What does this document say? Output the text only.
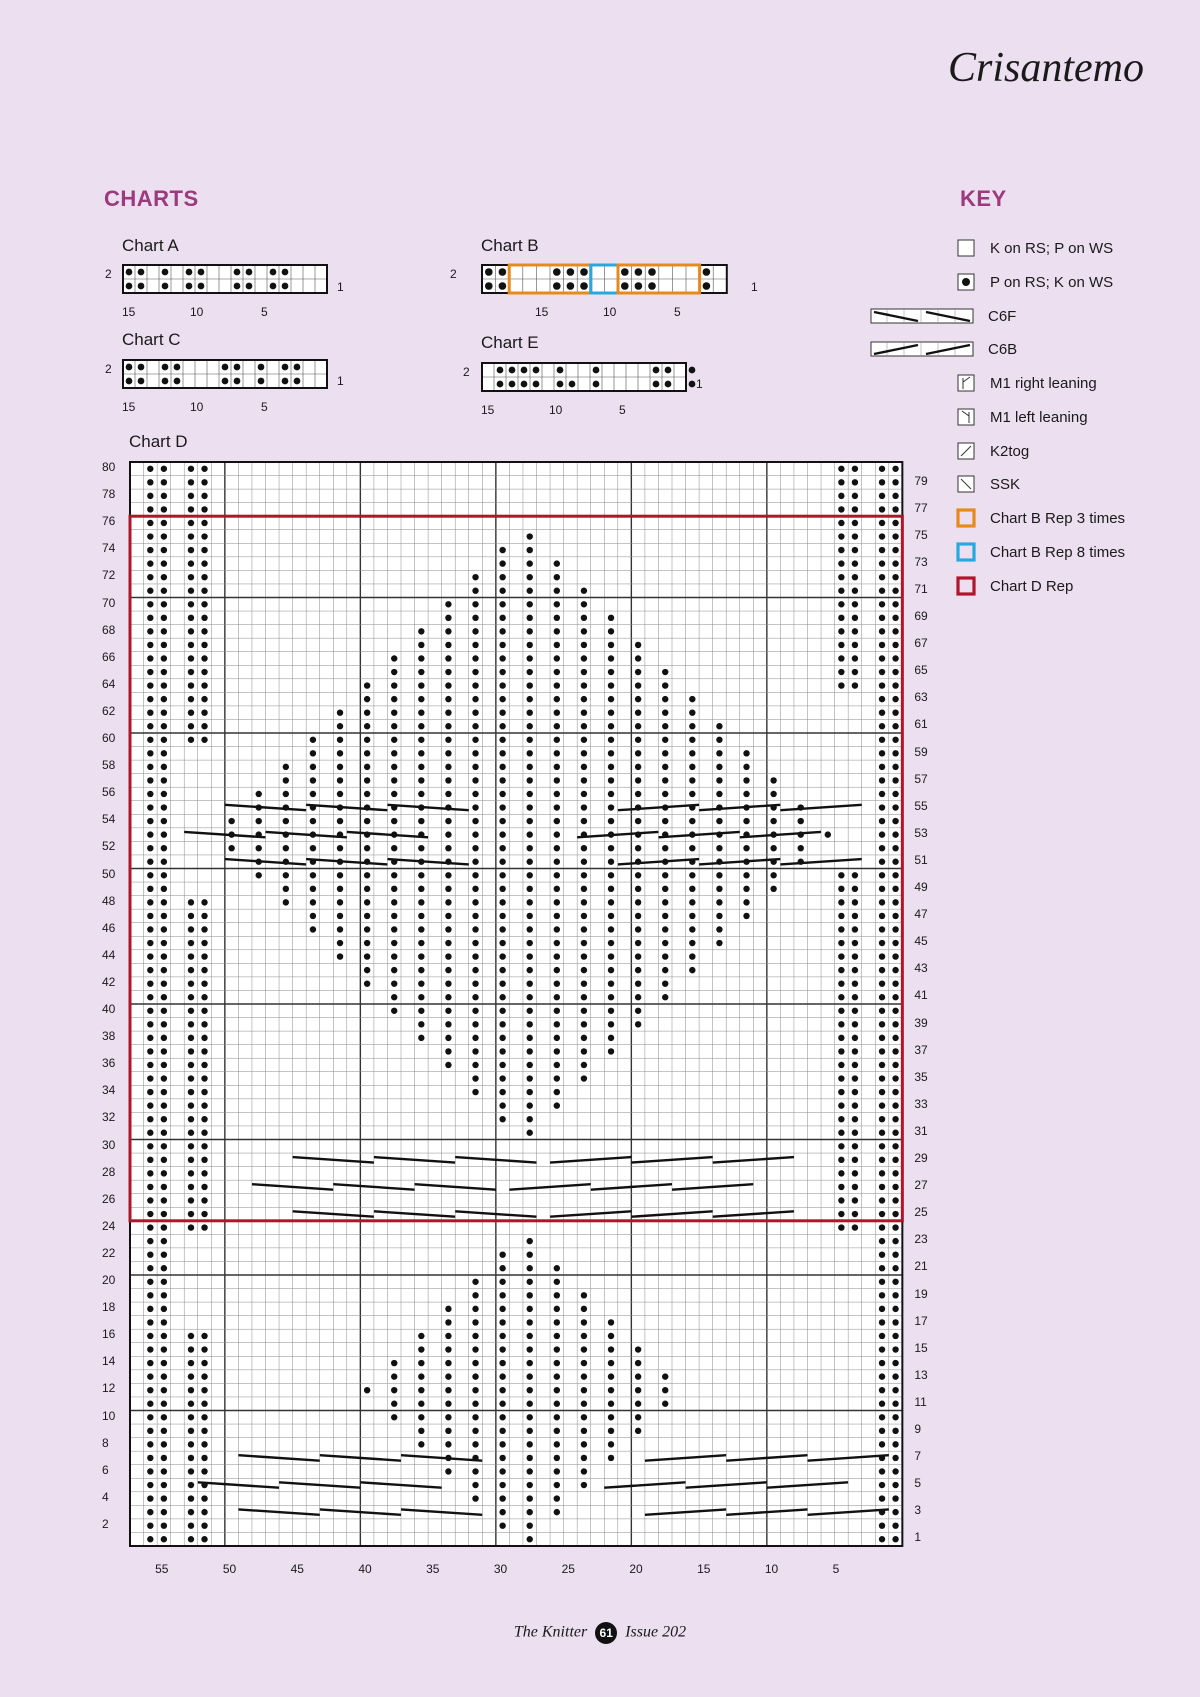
Crisantemo
CHARTS	KEY
Chart A	Chart B
Chart C	Chart E
Chart D
2
1
2
1
2
1
2
1
15	10	5	15	10	5
15	10	5	15	10	5
80
78
76
74
72
70
68
66
64
62
60
58
56
54
52
50
48
46
44
42
40
38
36
34
32
30
28
26
24
22
20
18
16
14
12
10
8
6
4
2
79
77
75
73
71
69
67
65
63
61
59
57
55
53
51
49
47
45
43
41
39
37
35
33
31
29
27
25
23
21
19
17
15
13
11
9
7
5
3
1
55	50	45	40	35	30	25	20	15	10	5
K on RS; P on WS
P on RS; K on WS
C6F
C6B
M1 right leaning
M1 left leaning
K2tog
SSK
Chart B Rep 3 times
Chart B Rep 8 times
Chart D Rep
The Knitter 61 Issue 202
